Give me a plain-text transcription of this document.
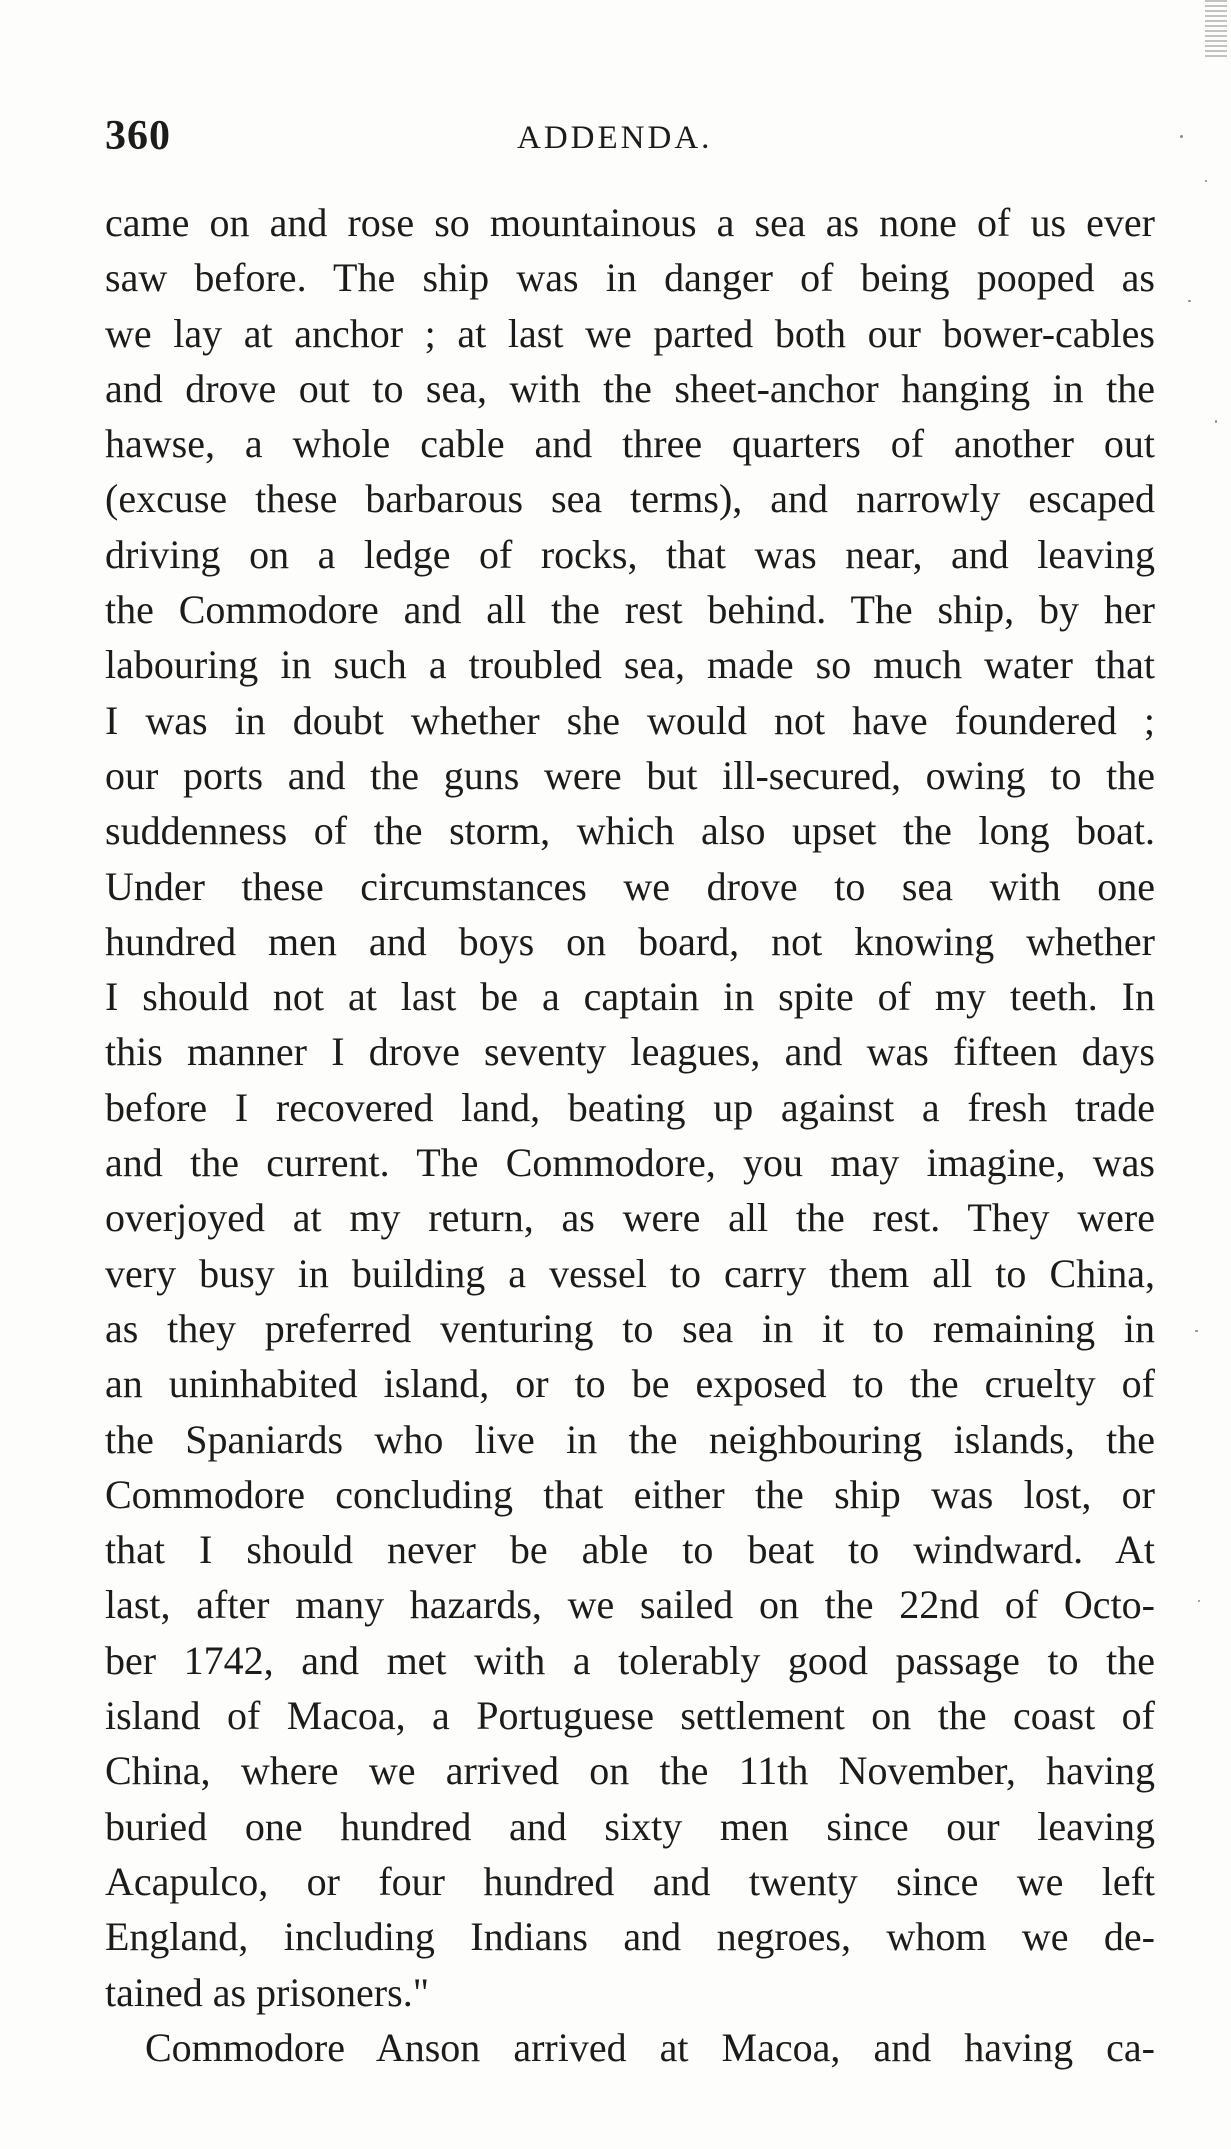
360	ADDENDA.
came on and rose so mountainous a sea as none of us ever
saw before. The ship was in danger of being pooped as
we lay at anchor ; at last we parted both our bower-cables
and drove out to sea, with the sheet-anchor hanging in the
hawse, a whole cable and three quarters of another out
(excuse these barbarous sea terms), and narrowly escaped
driving on a ledge of rocks, that was near, and leaving
the Commodore and all the rest behind. The ship, by her
labouring in such a troubled sea, made so much water that
I was in doubt whether she would not have foundered ;
our ports and the guns were but ill-secured, owing to the
suddenness of the storm, which also upset the long boat.
Under these circumstances we drove to sea with one
hundred men and boys on board, not knowing whether
I should not at last be a captain in spite of my teeth. In
this manner I drove seventy leagues, and was fifteen days
before I recovered land, beating up against a fresh trade
and the current. The Commodore, you may imagine, was
overjoyed at my return, as were all the rest. They were
very busy in building a vessel to carry them all to China,
as they preferred venturing to sea in it to remaining in
an uninhabited island, or to be exposed to the cruelty of
the Spaniards who live in the neighbouring islands, the
Commodore concluding that either the ship was lost, or
that I should never be able to beat to windward. At
last, after many hazards, we sailed on the 22nd of Octo-
ber 1742, and met with a tolerably good passage to the
island of Macoa, a Portuguese settlement on the coast of
China, where we arrived on the 11th November, having
buried one hundred and sixty men since our leaving
Acapulco, or four hundred and twenty since we left
England, including Indians and negroes, whom we de-
tained as prisoners."
Commodore Anson arrived at Macoa, and having ca-
